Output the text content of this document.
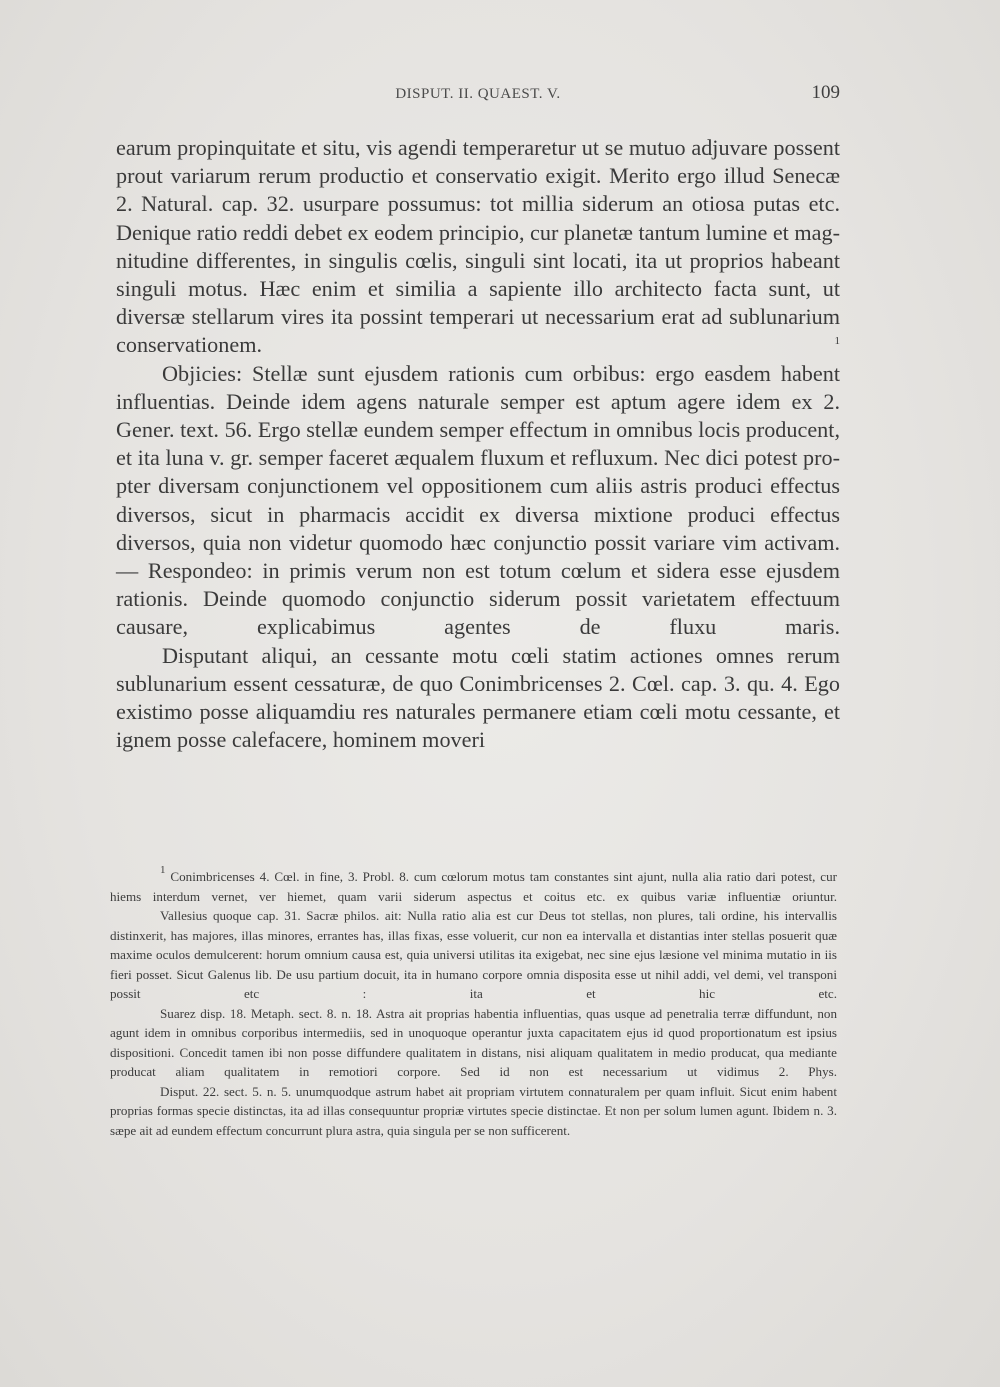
DISPUT. II. QUAEST. V.	109

earum propinquitate et situ, vis agendi temperaretur ut se mutuo adjuvare possent prout variarum rerum productio et conservatio exigit. Merito ergo illud Senecæ 2. Natural. cap. 32. usurpare possumus: tot millia siderum an otiosa putas etc. Denique ratio reddi debet ex eodem principio, cur planetæ tantum lumine et magnitudine differentes, in singulis cœlis, singuli sint locati, ita ut proprios habeant singuli motus. Hæc enim et similia a sapiente illo architecto facta sunt, ut diversæ stellarum vires ita possint temperari ut necessarium erat ad sublunarium conservationem.	$^1$

Objicies: Stellæ sunt ejusdem rationis cum orbibus: ergo easdem habent influentias. Deinde idem agens naturale semper est aptum agere idem ex 2. Gener. text. 56. Ergo stellæ eundem semper effectum in omnibus locis producent, et ita luna v. gr. semper faceret æqualem fluxum et refluxum. Nec dici potest propter diversam conjunctionem vel oppositionem cum aliis astris produci effectus diversos, sicut in pharmacis accidit ex diversa mixtione produci effectus diversos, quia non videtur quomodo hæc conjunctio possit variare vim activam. — Respondeo: in primis verum non est totum cœlum et sidera esse ejusdem rationis. Deinde quomodo conjunctio siderum possit varietatem effectuum causare, explicabimus agentes de fluxu maris.

Disputant aliqui, an cessante motu cœli statim actiones omnes rerum sublunarium essent cessaturæ, de quo Conimbricenses 2. Cœl. cap. 3. qu. 4. Ego existimo posse aliquamdiu res naturales permanere etiam cœli motu cessante, et ignem posse calefacere, hominem moveri

$^1$ Conimbricenses 4. Cœl. in fine, 3. Probl. 8. cum cœlorum motus tam constantes sint ajunt, nulla alia ratio dari potest, cur hiems interdum vernet, ver hiemet, quam varii siderum aspectus et coitus etc. ex quibus variæ influentiæ oriuntur.

Vallesius quoque cap. 31. Sacræ philos. ait: Nulla ratio alia est cur Deus tot stellas, non plures, tali ordine, his intervallis distinxerit, has majores, illas minores, errantes has, illas fixas, esse voluerit, cur non ea intervalla et distantias inter stellas posuerit quæ maxime oculos demulcerent: horum omnium causa est, quia universi utilitas ita exigebat, nec sine ejus læsione vel minima mutatio in iis fieri posset. Sicut Galenus lib. De usu partium docuit, ita in humano corpore omnia disposita esse ut nihil addi, vel demi, vel transponi possit etc : ita et hic etc.

Suarez disp. 18. Metaph. sect. 8. n. 18. Astra ait proprias habentia influentias, quas usque ad penetralia terræ diffundunt, non agunt idem in omnibus corporibus intermediis, sed in unoquoque operantur juxta capacitatem ejus id quod proportionatum est ipsius dispositioni. Concedit tamen ibi non posse diffundere qualitatem in distans, nisi aliquam qualitatem in medio producat, qua mediante producat aliam qualitatem in remotiori corpore. Sed id non est necessarium ut vidimus 2. Phys.

Disput. 22. sect. 5. n. 5. unumquodque astrum habet ait propriam virtutem connaturalem per quam influit. Sicut enim habent proprias formas specie distinctas, ita ad illas consequuntur propriæ virtutes specie distinctae. Et non per solum lumen agunt. Ibidem n. 3. sæpe ait ad eundem effectum concurrunt plura astra, quia singula per se non sufficerent.
